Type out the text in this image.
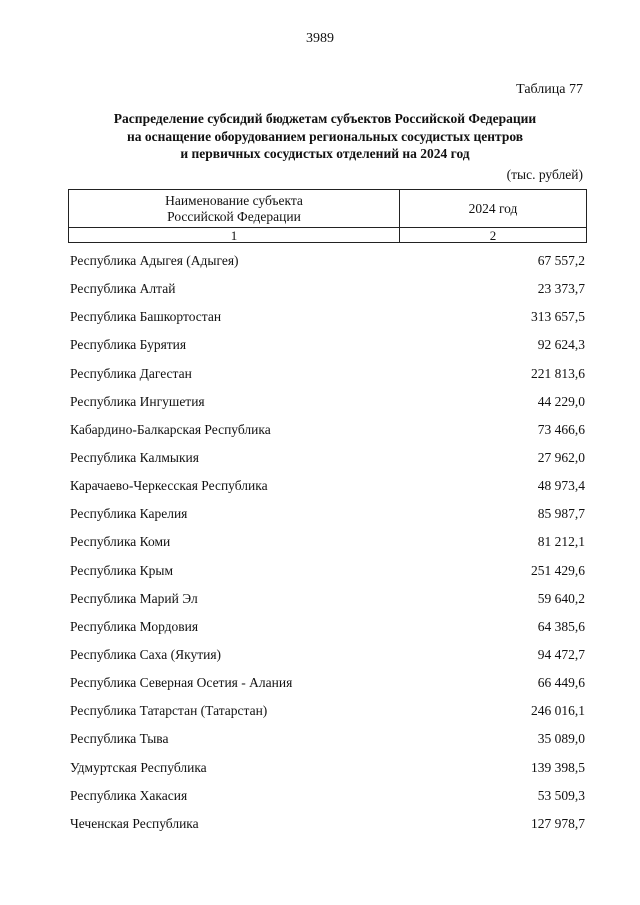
3989
Таблица 77
Распределение субсидий бюджетам субъектов Российской Федерации
на оснащение оборудованием региональных сосудистых центров
и первичных сосудистых отделений на 2024 год
(тыс. рублей)
Наименование субъекта
Российской Федерации	2024 год
1	2
Республика Адыгея (Адыгея)	67 557,2
Республика Алтай	23 373,7
Республика Башкортостан	313 657,5
Республика Бурятия	92 624,3
Республика Дагестан	221 813,6
Республика Ингушетия	44 229,0
Кабардино-Балкарская Республика	73 466,6
Республика Калмыкия	27 962,0
Карачаево-Черкесская Республика	48 973,4
Республика Карелия	85 987,7
Республика Коми	81 212,1
Республика Крым	251 429,6
Республика Марий Эл	59 640,2
Республика Мордовия	64 385,6
Республика Саха (Якутия)	94 472,7
Республика Северная Осетия - Алания	66 449,6
Республика Татарстан (Татарстан)	246 016,1
Республика Тыва	35 089,0
Удмуртская Республика	139 398,5
Республика Хакасия	53 509,3
Чеченская Республика	127 978,7
